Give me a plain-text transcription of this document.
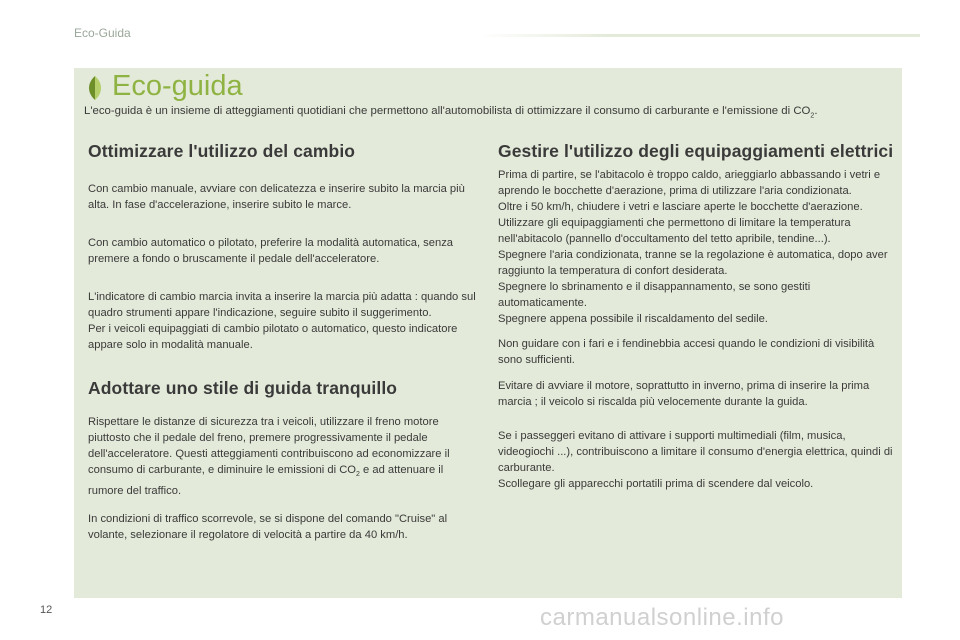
Eco-Guida
Eco-guida

L'eco-guida è un insieme di atteggiamenti quotidiani che permettono all'automobilista di ottimizzare il consumo di carburante e l'emissione di $CO_2$.

Ottimizzare l'utilizzo del cambio

Con cambio manuale, avviare con delicatezza e inserire subito la marcia più alta. In fase d'accelerazione, inserire subito le marce.

Con cambio automatico o pilotato, preferire la modalità automatica, senza premere a fondo o bruscamente il pedale dell'acceleratore.

L'indicatore di cambio marcia invita a inserire la marcia più adatta : quando sul quadro strumenti appare l'indicazione, seguire subito il suggerimento.

Per i veicoli equipaggiati di cambio pilotato o automatico, questo indicatore appare solo in modalità manuale.

Adottare uno stile di guida tranquillo

Rispettare le distanze di sicurezza tra i veicoli, utilizzare il freno motore piuttosto che il pedale del freno, premere progressivamente il pedale dell'acceleratore. Questi atteggiamenti contribuiscono ad economizzare il consumo di carburante, e diminuire le emissioni di $CO_2$ e ad attenuare il rumore del traffico.

In condizioni di traffico scorrevole, se si dispone del comando "Cruise" al volante, selezionare il regolatore di velocità a partire da 40 km/h.

Gestire l'utilizzo degli equipaggiamenti elettrici

Prima di partire, se l'abitacolo è troppo caldo, arieggiarlo abbassando i vetri e aprendo le bocchette d'aerazione, prima di utilizzare l'aria condizionata.

Oltre i 50 km/h, chiudere i vetri e lasciare aperte le bocchette d'aerazione.

Utilizzare gli equipaggiamenti che permettono di limitare la temperatura nell'abitacolo (pannello d'occultamento del tetto apribile, tendine...).

Spegnere l'aria condizionata, tranne se la regolazione è automatica, dopo aver raggiunto la temperatura di confort desiderata.

Spegnere lo sbrinamento e il disappannamento, se sono gestiti automaticamente.

Spegnere appena possibile il riscaldamento del sedile.

Non guidare con i fari e i fendinebbia accesi quando le condizioni di visibilità sono sufficienti.

Evitare di avviare il motore, soprattutto in inverno, prima di inserire la prima marcia ; il veicolo si riscalda più velocemente durante la guida.

Se i passeggeri evitano di attivare i supporti multimediali (film, musica, videogiochi ...), contribuiscono a limitare il consumo d'energia elettrica, quindi di carburante.

Scollegare gli apparecchi portatili prima di scendere dal veicolo.

12	carmanualsonline.info
